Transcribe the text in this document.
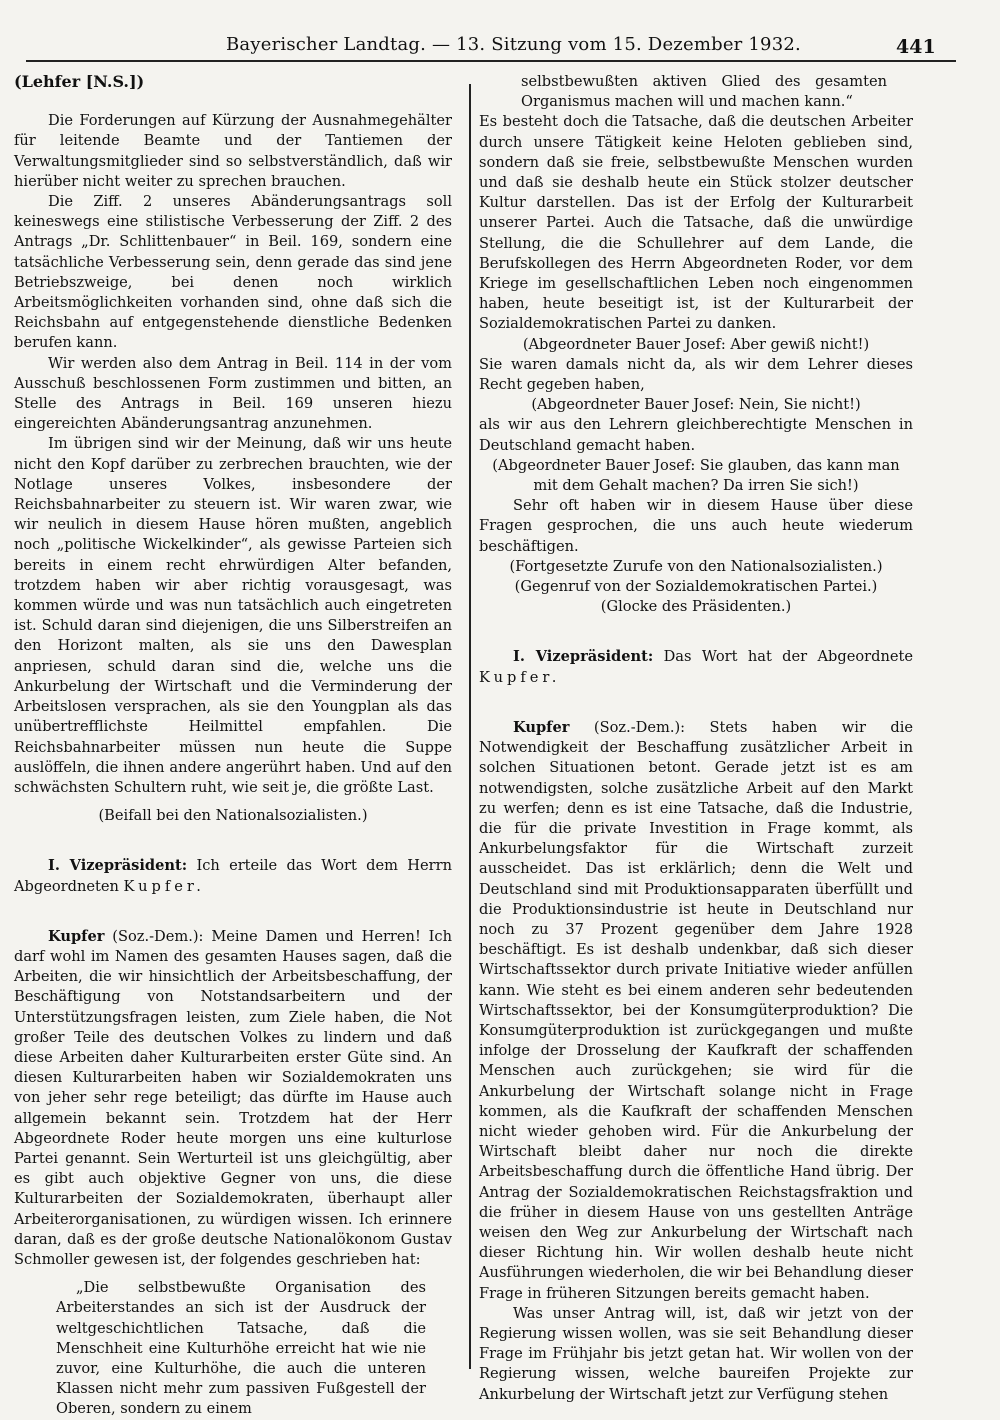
Bayerischer Landtag. — 13. Sitzung vom 15. Dezember 1932.	441

(Lehfer [N.S.])

Die Forderungen auf Kürzung der Ausnahmegehälter für leitende Beamte und der Tantiemen der Verwaltungsmitglieder sind so selbstverständlich, daß wir hierüber nicht weiter zu sprechen brauchen.

Die Ziff. 2 unseres Abänderungsantrags soll keineswegs eine stilistische Verbesserung der Ziff. 2 des Antrags „Dr. Schlittenbauer“ in Beil. 169, sondern eine tatsächliche Verbesserung sein, denn gerade das sind jene Betriebszweige, bei denen noch wirklich Arbeitsmöglichkeiten vorhanden sind, ohne daß sich die Reichsbahn auf entgegenstehende dienstliche Bedenken berufen kann.

Wir werden also dem Antrag in Beil. 114 in der vom Ausschuß beschlossenen Form zustimmen und bitten, an Stelle des Antrags in Beil. 169 unseren hiezu eingereichten Abänderungsantrag anzunehmen.

Im übrigen sind wir der Meinung, daß wir uns heute nicht den Kopf darüber zu zerbrechen brauchten, wie der Notlage unseres Volkes, insbesondere der Reichsbahnarbeiter zu steuern ist. Wir waren zwar, wie wir neulich in diesem Hause hören mußten, angeblich noch „politische Wickelkinder“, als gewisse Parteien sich bereits in einem recht ehrwürdigen Alter befanden, trotzdem haben wir aber richtig vorausgesagt, was kommen würde und was nun tatsächlich auch eingetreten ist. Schuld daran sind diejenigen, die uns Silberstreifen an den Horizont malten, als sie uns den Dawesplan anpriesen, schuld daran sind die, welche uns die Ankurbelung der Wirtschaft und die Verminderung der Arbeitslosen versprachen, als sie den Youngplan als das unübertrefflichste Heilmittel empfahlen. Die Reichsbahnarbeiter müssen nun heute die Suppe auslöffeln, die ihnen andere angerührt haben. Und auf den schwächsten Schultern ruht, wie seit je, die größte Last.

(Beifall bei den Nationalsozialisten.)

I. Vizepräsident: Ich erteile das Wort dem Herrn Abgeordneten Kupfer.

Kupfer (Soz.-Dem.): Meine Damen und Herren! Ich darf wohl im Namen des gesamten Hauses sagen, daß die Arbeiten, die wir hinsichtlich der Arbeitsbeschaffung, der Beschäftigung von Notstandsarbeitern und der Unterstützungsfragen leisten, zum Ziele haben, die Not großer Teile des deutschen Volkes zu lindern und daß diese Arbeiten daher Kulturarbeiten erster Güte sind. An diesen Kulturarbeiten haben wir Sozialdemokraten uns von jeher sehr rege beteiligt; das dürfte im Hause auch allgemein bekannt sein. Trotzdem hat der Herr Abgeordnete Roder heute morgen uns eine kulturlose Partei genannt. Sein Werturteil ist uns gleichgültig, aber es gibt auch objektive Gegner von uns, die diese Kulturarbeiten der Sozialdemokraten, überhaupt aller Arbeiterorganisationen, zu würdigen wissen. Ich erinnere daran, daß es der große deutsche Nationalökonom Gustav Schmoller gewesen ist, der folgendes geschrieben hat:

„Die selbstbewußte Organisation des Arbeiterstandes an sich ist der Ausdruck der weltgeschichtlichen Tatsache, daß die Menschheit eine Kulturhöhe erreicht hat wie nie zuvor, eine Kulturhöhe, die auch die unteren Klassen nicht mehr zum passiven Fußgestell der Oberen, sondern zu einem

selbstbewußten aktiven Glied des gesamten Organismus machen will und machen kann.“

Es besteht doch die Tatsache, daß die deutschen Arbeiter durch unsere Tätigkeit keine Heloten geblieben sind, sondern daß sie freie, selbstbewußte Menschen wurden und daß sie deshalb heute ein Stück stolzer deutscher Kultur darstellen. Das ist der Erfolg der Kulturarbeit unserer Partei. Auch die Tatsache, daß die unwürdige Stellung, die die Schullehrer auf dem Lande, die Berufskollegen des Herrn Abgeordneten Roder, vor dem Kriege im gesellschaftlichen Leben noch eingenommen haben, heute beseitigt ist, ist der Kulturarbeit der Sozialdemokratischen Partei zu danken.

(Abgeordneter Bauer Josef: Aber gewiß nicht!)

Sie waren damals nicht da, als wir dem Lehrer dieses Recht gegeben haben,

(Abgeordneter Bauer Josef: Nein, Sie nicht!)

als wir aus den Lehrern gleichberechtigte Menschen in Deutschland gemacht haben.

(Abgeordneter Bauer Josef: Sie glauben, das kann man mit dem Gehalt machen? Da irren Sie sich!)

Sehr oft haben wir in diesem Hause über diese Fragen gesprochen, die uns auch heute wiederum beschäftigen.

(Fortgesetzte Zurufe von den Nationalsozialisten.)

(Gegenruf von der Sozialdemokratischen Partei.)

(Glocke des Präsidenten.)

I. Vizepräsident: Das Wort hat der Abgeordnete Kupfer.

Kupfer (Soz.-Dem.): Stets haben wir die Notwendigkeit der Beschaffung zusätzlicher Arbeit in solchen Situationen betont. Gerade jetzt ist es am notwendigsten, solche zusätzliche Arbeit auf den Markt zu werfen; denn es ist eine Tatsache, daß die Industrie, die für die private Investition in Frage kommt, als Ankurbelungsfaktor für die Wirtschaft zurzeit ausscheidet. Das ist erklärlich; denn die Welt und Deutschland sind mit Produktionsapparaten überfüllt und die Produktionsindustrie ist heute in Deutschland nur noch zu 37 Prozent gegenüber dem Jahre 1928 beschäftigt. Es ist deshalb undenkbar, daß sich dieser Wirtschaftssektor durch private Initiative wieder anfüllen kann. Wie steht es bei einem anderen sehr bedeutenden Wirtschaftssektor, bei der Konsumgüterproduktion? Die Konsumgüterproduktion ist zurückgegangen und mußte infolge der Drosselung der Kaufkraft der schaffenden Menschen auch zurückgehen; sie wird für die Ankurbelung der Wirtschaft solange nicht in Frage kommen, als die Kaufkraft der schaffenden Menschen nicht wieder gehoben wird. Für die Ankurbelung der Wirtschaft bleibt daher nur noch die direkte Arbeitsbeschaffung durch die öffentliche Hand übrig. Der Antrag der Sozialdemokratischen Reichstagsfraktion und die früher in diesem Hause von uns gestellten Anträge weisen den Weg zur Ankurbelung der Wirtschaft nach dieser Richtung hin. Wir wollen deshalb heute nicht Ausführungen wiederholen, die wir bei Behandlung dieser Frage in früheren Sitzungen bereits gemacht haben.

Was unser Antrag will, ist, daß wir jetzt von der Regierung wissen wollen, was sie seit Behandlung dieser Frage im Frühjahr bis jetzt getan hat. Wir wollen von der Regierung wissen, welche baureifen Projekte zur Ankurbelung der Wirtschaft jetzt zur Verfügung stehen
